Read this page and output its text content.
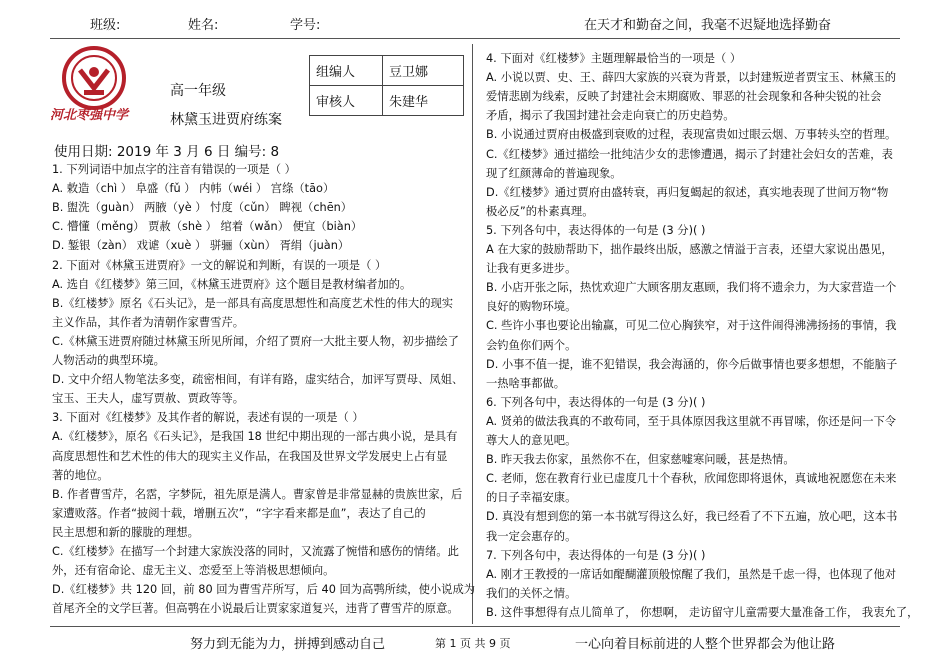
班级:	姓名:	学号:	在天才和勤奋之间，我毫不迟疑地选择勤奋
河北枣强中学
高一年级
林黛玉进贾府练案
使用日期: 2019 年 3 月 6 日 编号: 8
组编人	豆卫娜
审核人	朱建华
1. 下列词语中加点字的注音有错误的一项是（ ）
A. 敕造（chì ） 阜盛（fǔ ） 内帏（wéi ） 宫绦（tāo）
B. 盥洗（guàn） 两腋（yè ） 忖度（cǔn） 睥视（chēn）
C. 懵懂（měng） 贾赦（shè ） 绾着（wǎn） 便宜（biàn）
D. 錾银（zàn） 戏谑（xuè ） 骈骊（xùn） 胥绢（juàn）
2. 下面对《林黛玉进贾府》一文的解说和判断，有误的一项是（ ）
A. 选自《红楼梦》第三回，《林黛玉进贾府》这个题目是教材编者加的。
B.《红楼梦》原名《石头记》，是一部具有高度思想性和高度艺术性的伟大的现实
主义作品，其作者为清朝作家曹雪芹。
C.《林黛玉进贾府随过林黛玉所见所闻，介绍了贾府一大批主要人物，初步描绘了
人物活动的典型环境。
D. 文中介绍人物笔法多变，疏密相间，有详有路，虚实结合，加评写贾母、凤姐、
宝玉、王夫人，虚写贾赦、贾政等等。
3. 下面对《红楼梦》及其作者的解说，表述有误的一项是（ ）
A.《红楼梦》，原名《石头记》，是我国 18 世纪中期出现的一部古典小说，是具有
高度思想性和艺术性的伟大的现实主义作品，在我国及世界文学发展史上占有显
著的地位。
B. 作者曹雪芹，名霑，字梦阮，祖先原是满人。曹家曾是非常显赫的贵族世家，后
家遭败落。作者“披阅十载，增删五次”，“字字看来都是血”，表达了自己的
民主思想和新的朦胧的理想。
C.《红楼梦》在描写一个封建大家族没落的同时，又流露了惋惜和感伤的情绪。此
外，还有宿命论、虚无主义、恋爱至上等消极思想倾向。
D.《红楼梦》共 120 回，前 80 回为曹雪芹所写，后 40 回为高鹗所续，使小说成为
首尾齐全的文学巨著。但高鹗在小说最后让贾家家道复兴，违背了曹雪芹的原意。
4. 下面对《红楼梦》主题理解最恰当的一项是（ ）
A. 小说以贾、史、王、薛四大家族的兴衰为背景，以封建叛逆者贾宝玉、林黛玉的
爱情悲剧为线索，反映了封建社会末期腐败、罪恶的社会现象和各种尖锐的社会
矛盾，揭示了我国封建社会走向衰亡的历史趋势。
B. 小说通过贾府由极盛到衰败的过程，表现富贵如过眼云烟、万事转头空的哲理。
C.《红楼梦》通过描绘一批纯洁少女的悲惨遭遇，揭示了封建社会妇女的苦难，表
现了红颜薄命的普遍现象。
D.《红楼梦》通过贾府由盛转衰，再归复蝎起的叙述，真实地表现了世间万物“物
极必反”的朴素真理。
5. 下列各句中，表达得体的一句是 (3 分)( )
A 在大家的鼓励帮助下，拙作最终出版，感激之情溢于言表，还望大家说出愚见，
让我有更多进步。
B. 小店开张之际，热忱欢迎广大顾客朋友惠顾，我们将不遗余力，为大家营造一个
良好的购物环境。
C. 些许小事也要论出输赢，可见二位心胸狭窄，对于这件闹得沸沸扬扬的事情，我
会钓鱼你们两个。
D. 小事不值一提，谁不犯错误，我会海涵的，你今后做事情也要多想想，不能脑子
一热啥事都做。
6. 下列各句中，表达得体的一句是 (3 分)( )
A. 贤弟的做法我真的不敢苟同，至于具体原因我这里就不再冒嗦，你还是问一下令
尊大人的意见吧。
B. 昨天我去你家，虽然你不在，但家慈嘘寒问暖，甚是热情。
C. 老师，您在教育行业已虚度几十个春秋，欣闻您即将退休，真诚地祝愿您在未来
的日子幸福安康。
D. 真没有想到您的第一本书就写得这么好，我已经看了不下五遍，放心吧，这本书
我一定会惠存的。
7. 下列各句中，表达得体的一句是 (3 分)( )
A. 刚才王教授的一席话如醍醐灌顶般惊醒了我们，虽然是千虑一得，也体现了他对
我们的关怀之情。
B. 这件事想得有点儿简单了， 你想啊， 走访留守儿童需要大量准备工作， 我衷允了，
努力到无能为力，拼搏到感动自己	第 1 页 共 9 页	一心向着目标前进的人整个世界都会为他让路
